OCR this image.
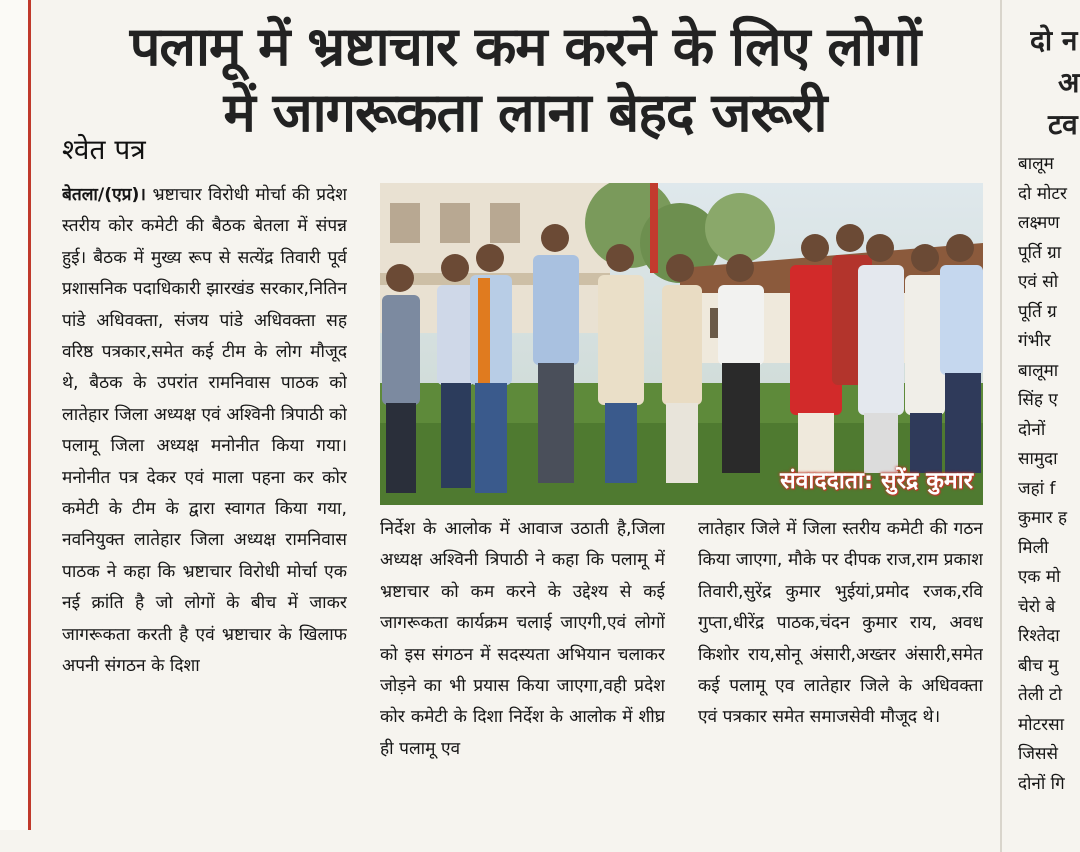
पलामू में भ्रष्टाचार कम करने के लिए लोगों
में जागरूकता लाना बेहद जरूरी
श्वेत पत्र
बेतला/(एप्र)। भ्रष्टाचार विरोधी मोर्चा की प्रदेश स्तरीय कोर कमेटी की बैठक बेतला में संपन्न हुई। बैठक में मुख्य रूप से सत्येंद्र तिवारी पूर्व प्रशासनिक पदाधिकारी झारखंड सरकार,नितिन पांडे अधिवक्ता, संजय पांडे अधिवक्ता सह वरिष्ठ पत्रकार,समेत कई टीम के लोग मौजूद थे, बैठक के उपरांत रामनिवास पाठक को लातेहार जिला अध्यक्ष एवं अश्विनी त्रिपाठी को पलामू जिला अध्यक्ष मनोनीत किया गया। मनोनीत पत्र देकर एवं माला पहना कर कोर कमेटी के टीम के द्वारा स्वागत किया गया, नवनियुक्त लातेहार जिला अध्यक्ष रामनिवास पाठक ने कहा कि भ्रष्टाचार विरोधी मोर्चा एक नई क्रांति है जो लोगों के बीच में जाकर जागरूकता करती है एवं भ्रष्टाचार के खिलाफ अपनी संगठन के दिशा
संवाददाता: सुरेंद्र कुमार
निर्देश के आलोक में आवाज उठाती है,जिला अध्यक्ष अश्विनी त्रिपाठी ने कहा कि पलामू में भ्रष्टाचार को कम करने के उद्देश्य से कई जागरूकता कार्यक्रम चलाई जाएगी,एवं लोगों को इस संगठन में सदस्यता अभियान चलाकर जोड़ने का भी प्रयास किया जाएगा,वही प्रदेश कोर कमेटी के दिशा निर्देश के आलोक में शीघ्र ही पलामू एव
लातेहार जिले में जिला स्तरीय कमेटी की गठन किया जाएगा, मौके पर दीपक राज,राम प्रकाश तिवारी,सुरेंद्र कुमार भुईयां,प्रमोद रजक,रवि गुप्ता,धीरेंद्र पाठक,चंदन कुमार राय, अवध किशोर राय,सोनू अंसारी,अख्तर अंसारी,समेत कई पलामू एव लातेहार जिले के अधिवक्ता एवं पत्रकार समेत समाजसेवी मौजूद थे।
दो न
अ
टव
बालूम
दो मोटर
लक्ष्मण
पूर्ति ग्रा
एवं सो
पूर्ति ग्र
गंभीर
बालूमा
सिंह ए
दोनों
सामुदा
जहां f
कुमार ह
मिली
एक मो
चेरो बे
रिश्तेदा
बीच मु
तेली टो
मोटरसा
जिससे
दोनों गि
